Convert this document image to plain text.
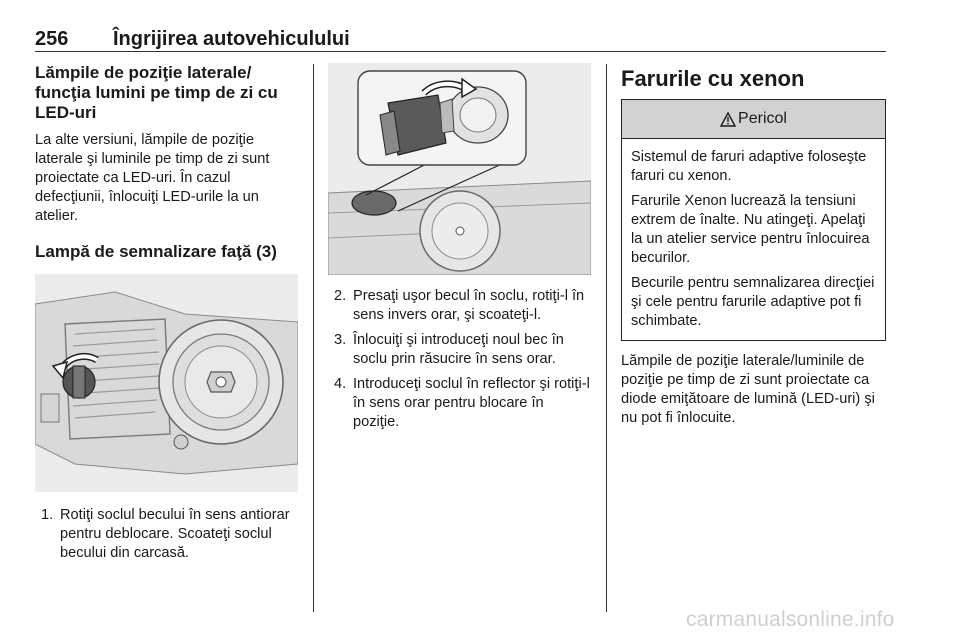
256 Îngrijirea autovehiculului
Lămpile de poziţie laterale/ funcţia lumini pe timp de zi cu LED-uri

La alte versiuni, lămpile de poziţie laterale şi luminile pe timp de zi sunt proiectate ca LED-uri. În cazul defecţiunii, înlocuiţi LED-urile la un atelier.

Lampă de semnalizare faţă (3)
1. Rotiţi soclul becului în sens antiorar pentru deblocare. Scoateţi soclul becului din carcasă.
2. Presaţi uşor becul în soclu, rotiţi-l în sens invers orar, şi scoateţi-l.
3. Înlocuiţi şi introduceţi noul bec în soclu prin răsucire în sens orar.
4. Introduceţi soclul în reflector şi rotiţi-l în sens orar pentru blocare în poziţie.
Farurile cu xenon
Pericol

Sistemul de faruri adaptive foloseşte faruri cu xenon.

Farurile Xenon lucrează la tensiuni extrem de înalte. Nu atingeţi. Apelaţi la un atelier service pentru înlocuirea becurilor.

Becurile pentru semnalizarea direcţiei şi cele pentru farurile adaptive pot fi schimbate.

Lămpile de poziţie laterale/luminile de poziţie pe timp de zi sunt proiectate ca diode emiţătoare de lumină (LED-uri) şi nu pot fi înlocuite.

carmanualsonline.info
